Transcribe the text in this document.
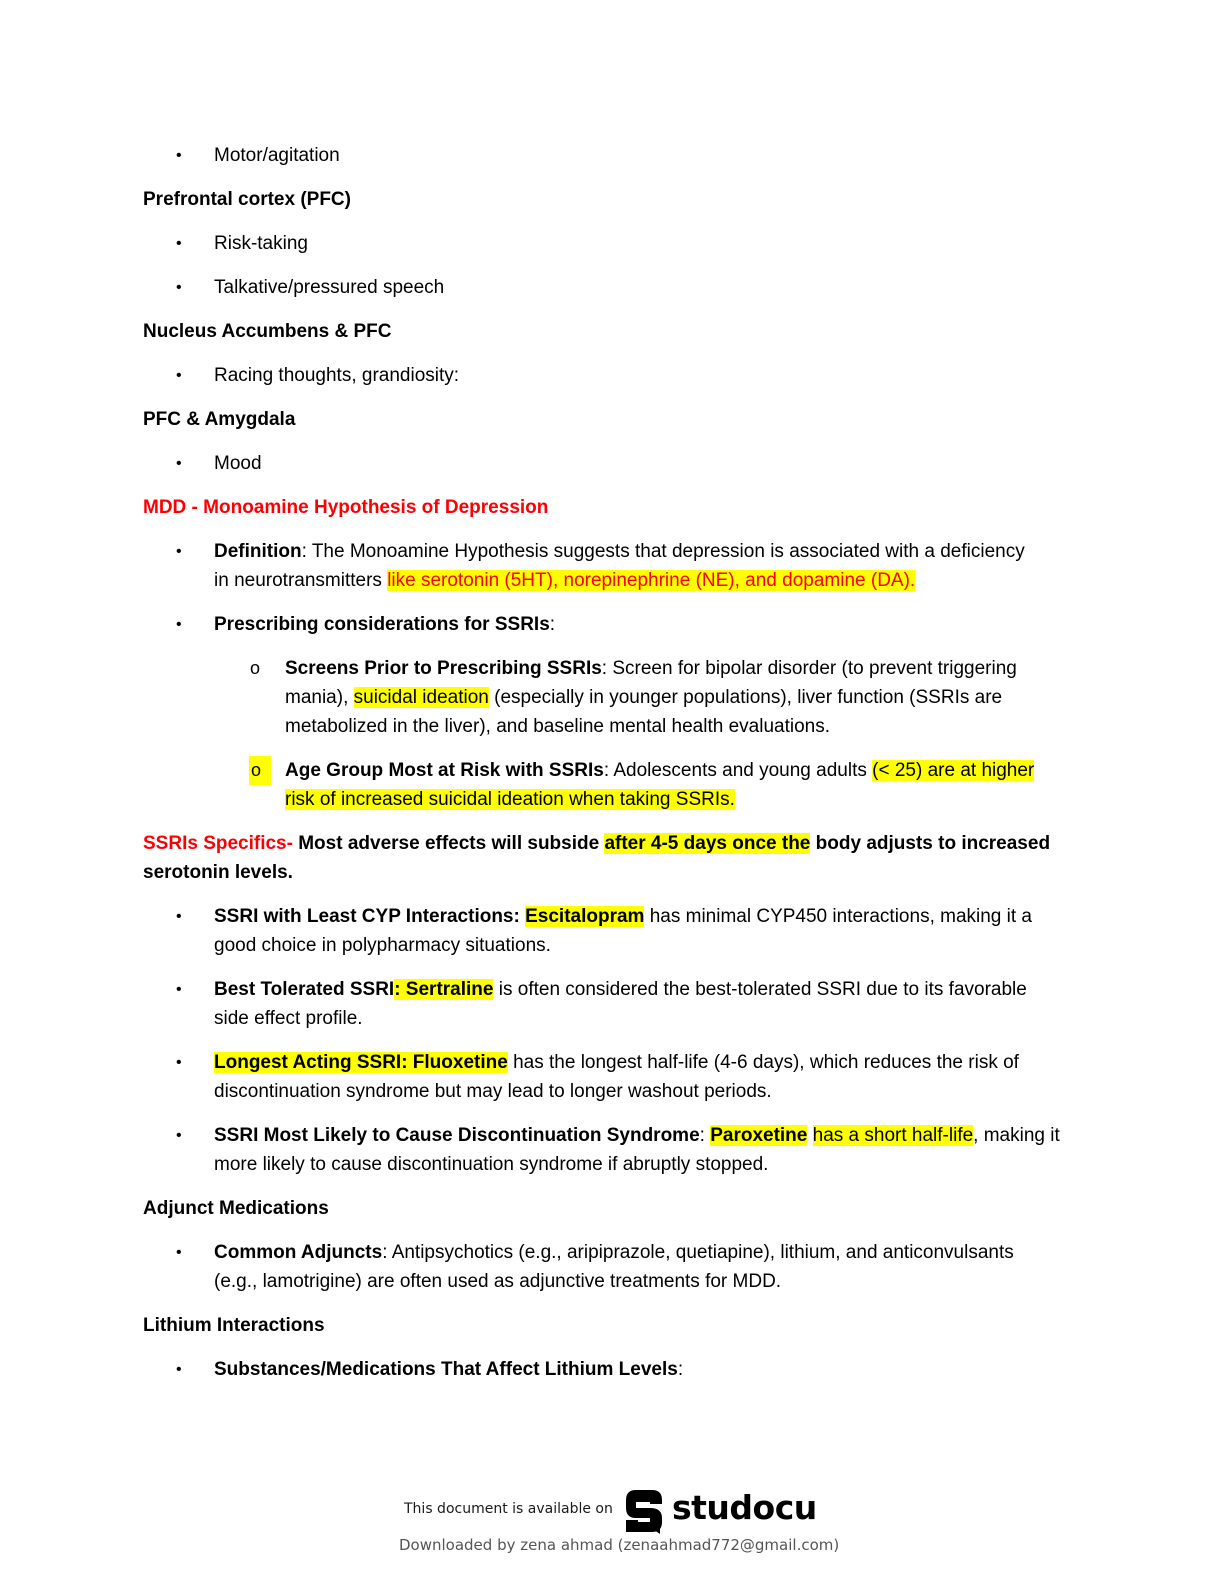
• Motor/agitation
Prefrontal cortex (PFC)
• Risk-taking
• Talkative/pressured speech
Nucleus Accumbens & PFC
• Racing thoughts, grandiosity:
PFC & Amygdala
• Mood
MDD - Monoamine Hypothesis of Depression
• Definition: The Monoamine Hypothesis suggests that depression is associated with a deficiency
in neurotransmitters like serotonin (5HT), norepinephrine (NE), and dopamine (DA).
• Prescribing considerations for SSRIs:
o Screens Prior to Prescribing SSRIs: Screen for bipolar disorder (to prevent triggering
mania), suicidal ideation (especially in younger populations), liver function (SSRIs are
metabolized in the liver), and baseline mental health evaluations.
o	Age Group Most at Risk with SSRIs: Adolescents and young adults (< 25) are at higher
risk of increased suicidal ideation when taking SSRIs.
SSRIs Specifics- Most adverse effects will subside after 4-5 days once the body adjusts to increased
serotonin levels.
• SSRI with Least CYP Interactions: Escitalopram has minimal CYP450 interactions, making it a
good choice in polypharmacy situations.
• Best Tolerated SSRI: Sertraline is often considered the best-tolerated SSRI due to its favorable
side effect profile.
• Longest Acting SSRI: Fluoxetine has the longest half-life (4-6 days), which reduces the risk of
discontinuation syndrome but may lead to longer washout periods.
• SSRI Most Likely to Cause Discontinuation Syndrome: Paroxetine has a short half-life, making it
more likely to cause discontinuation syndrome if abruptly stopped.
Adjunct Medications
• Common Adjuncts: Antipsychotics (e.g., aripiprazole, quetiapine), lithium, and anticonvulsants
(e.g., lamotrigine) are often used as adjunctive treatments for MDD.
Lithium Interactions
• Substances/Medications That Affect Lithium Levels:
This document is available on studocu
Downloaded by zena ahmad (zenaahmad772@gmail.com)
